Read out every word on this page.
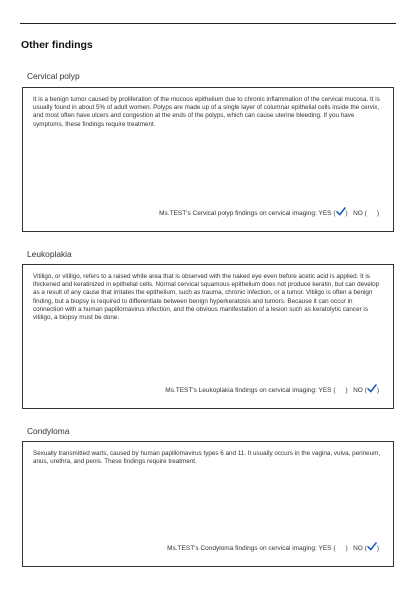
Other findings
Cervical polyp
It is a benign tumor caused by proliferation of the mucous epithelium due to chronic inflammation of the cervical mucosa. It is usually found in about 5% of adult women. Polyps are made up of a single layer of columnar epithelial cells inside the cervix, and most often have ulcers and congestion at the ends of the polyps, which can cause uterine bleeding. If you have symptoms, these findings require treatment.
Ms.TEST's Cervical polyp findings on cervical imaging: YES ( ) NO ( )
Leukoplakia
Vitiligo, or vitiligo, refers to a raised white area that is observed with the naked eye even before acetic acid is applied. It is thickened and keratinized in epithelial cells. Normal cervical squamous epithelium does not produce keratin, but can develop as a result of any cause that irritates the epithelium, such as trauma, chronic infection, or a tumor. Vitiligo is often a benign finding, but a biopsy is required to differentiate between benign hyperkeratosis and tumors. Because it can occur in connection with a human papillomavirus infection, and the obvious manifestation of a lesion such as keratolytic cancer is vitiligo, a biopsy must be done.
Ms.TEST's Leukoplakia findings on cervical imaging: YES ( ) NO ( )
Condyloma
Sexually transmitted warts, caused by human papillomavirus types 6 and 11. It usually occurs in the vagina, vulva, perineum, anus, urethra, and penis. These findings require treatment.
Ms.TEST's Condyloma findings on cervical imaging: YES ( ) NO ( )
